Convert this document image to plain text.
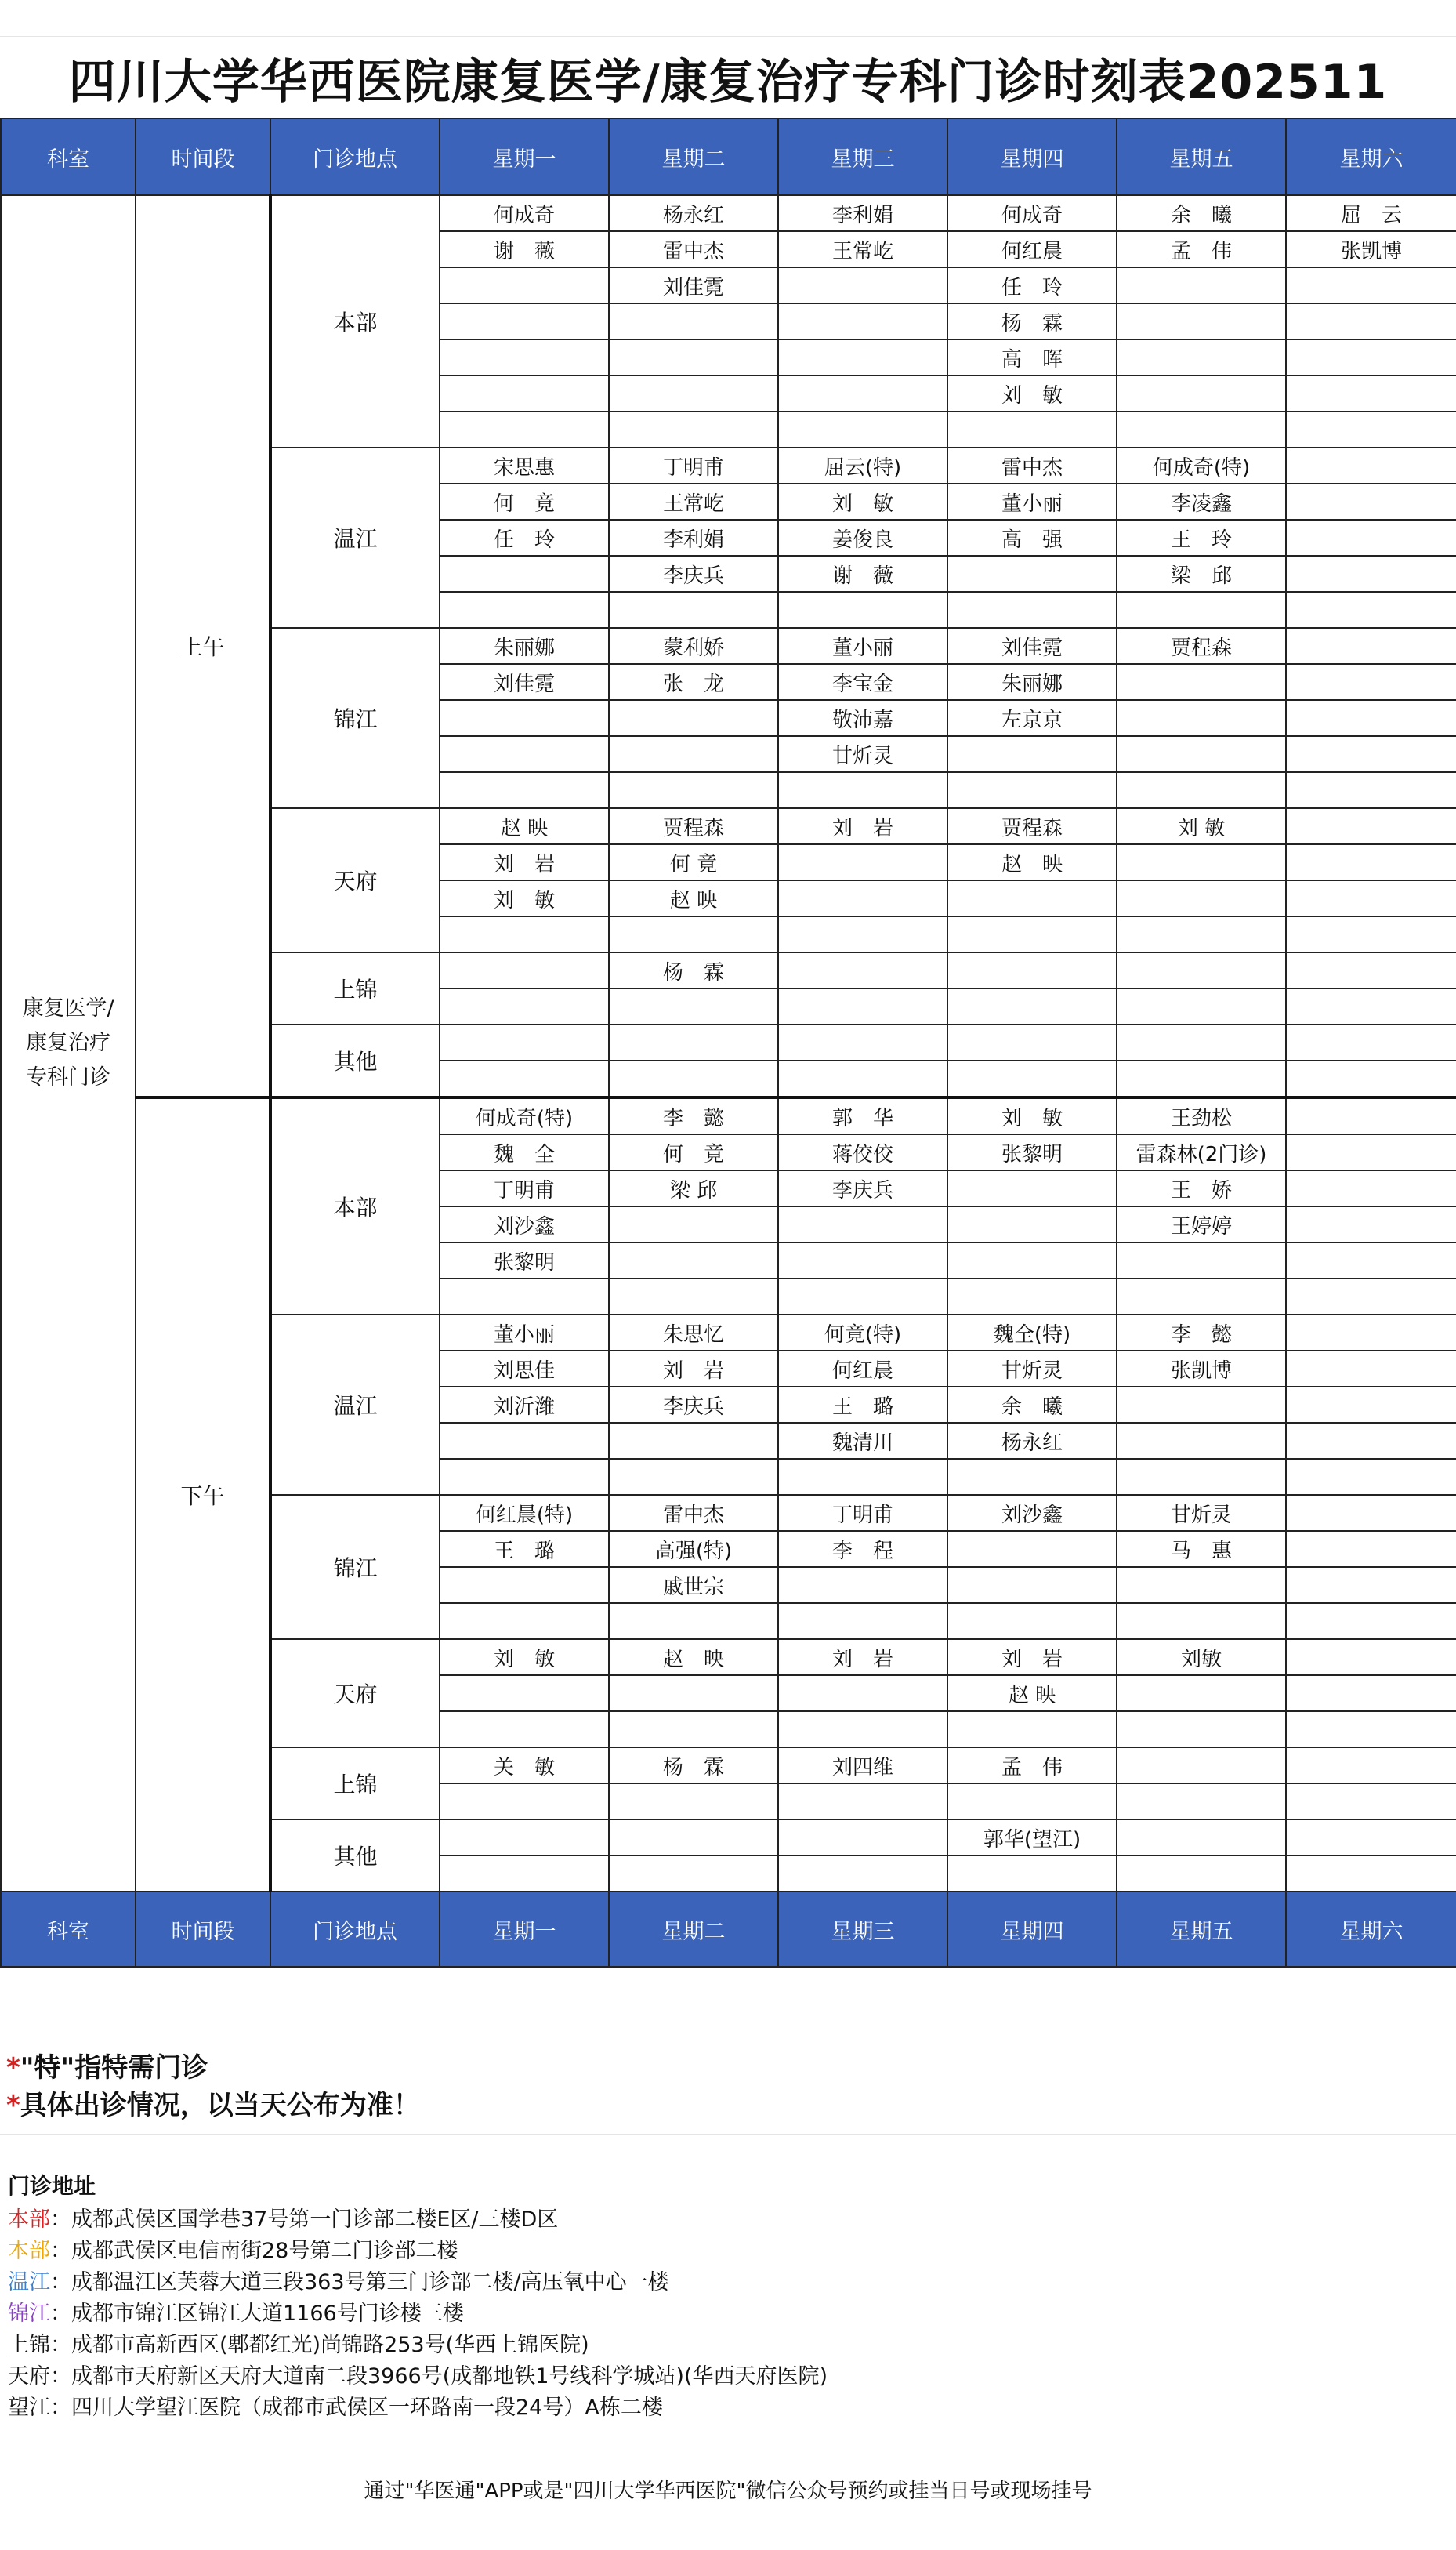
四川大学华西医院康复医学/康复治疗专科门诊时刻表202511
科室	时间段	门诊地点	星期一	星期二	星期三	星期四	星期五	星期六
康复医学/康复治疗专科门诊	上午	本部	何成奇	杨永红	李利娟	何成奇	余　曦	屈　云
			谢　薇	雷中杰	王常屹	何红晨	孟　伟	张凯博
				刘佳霓		任　玲		
						杨　霖		
						高　晖		
						刘　敏		

		温江	宋思惠	丁明甫	屈云(特)	雷中杰	何成奇(特)	
			何　竟	王常屹	刘　敏	董小丽	李凌鑫	
			任　玲	李利娟	姜俊良	高　强	王　玲	
				李庆兵	谢　薇		梁　邱	

		锦江	朱丽娜	蒙利娇	董小丽	刘佳霓	贾程森	
			刘佳霓	张　龙	李宝金	朱丽娜		
					敬沛嘉	左京京		
					甘炘灵			

		天府	赵 映	贾程森	刘　岩	贾程森	刘 敏	
			刘　岩	何 竟		赵　映		
			刘　敏	赵 映				

		上锦		杨　霖				

		其他						

	下午	本部	何成奇(特)	李　懿	郭　华	刘　敏	王劲松	
			魏　全	何　竟	蒋佼佼	张黎明	雷森林(2门诊)	
			丁明甫	梁 邱	李庆兵		王　娇	
			刘沙鑫				王婷婷	
			张黎明					

		温江	董小丽	朱思忆	何竟(特)	魏全(特)	李　懿	
			刘思佳	刘　岩	何红晨	甘炘灵	张凯博	
			刘沂潍	李庆兵	王　璐	余　曦		
					魏清川	杨永红		

		锦江	何红晨(特)	雷中杰	丁明甫	刘沙鑫	甘炘灵	
			王　璐	高强(特)	李　程		马　惠	
				戚世宗				

		天府	刘　敏	赵　映	刘　岩	刘　岩	刘敏	
						赵 映		

		上锦	关　敏	杨　霖	刘四维	孟　伟		

		其他				郭华(望江)		

科室	时间段	门诊地点	星期一	星期二	星期三	星期四	星期五	星期六
*"特"指特需门诊
*具体出诊情况，以当天公布为准！
门诊地址
本部：成都武侯区国学巷37号第一门诊部二楼E区/三楼D区
本部：成都武侯区电信南街28号第二门诊部二楼
温江：成都温江区芙蓉大道三段363号第三门诊部二楼/高压氧中心一楼
锦江：成都市锦江区锦江大道1166号门诊楼三楼
上锦：成都市高新西区(郫都红光)尚锦路253号(华西上锦医院)
天府：成都市天府新区天府大道南二段3966号(成都地铁1号线科学城站)(华西天府医院)
望江：四川大学望江医院（成都市武侯区一环路南一段24号）A栋二楼
通过"华医通"APP或是"四川大学华西医院"微信公众号预约或挂当日号或现场挂号
